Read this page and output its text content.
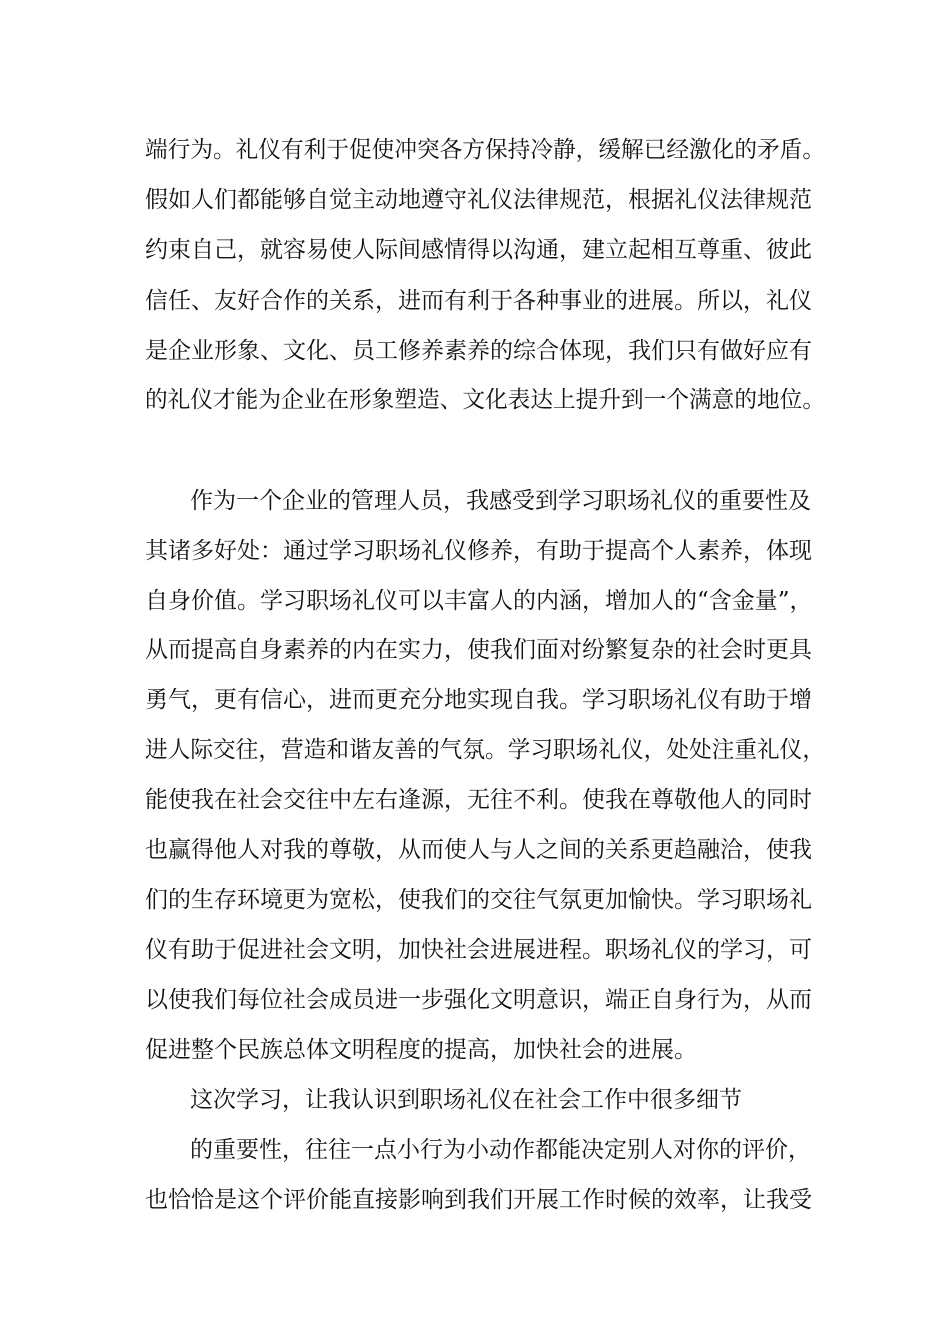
端行为。礼仪有利于促使冲突各方保持冷静，缓解已经激化的矛盾。

假如人们都能够自觉主动地遵守礼仪法律规范，根据礼仪法律规范

约束自己，就容易使人际间感情得以沟通，建立起相互尊重、彼此

信任、友好合作的关系，进而有利于各种事业的进展。所以，礼仪

是企业形象、文化、员工修养素养的综合体现，我们只有做好应有

的礼仪才能为企业在形象塑造、文化表达上提升到一个满意的地位。

作为一个企业的管理人员，我感受到学习职场礼仪的重要性及

其诸多好处：通过学习职场礼仪修养，有助于提高个人素养，体现

自身价值。学习职场礼仪可以丰富人的内涵，增加人的“含金量”，

从而提高自身素养的内在实力，使我们面对纷繁复杂的社会时更具

勇气，更有信心，进而更充分地实现自我。学习职场礼仪有助于增

进人际交往，营造和谐友善的气氛。学习职场礼仪，处处注重礼仪，

能使我在社会交往中左右逢源，无往不利。使我在尊敬他人的同时

也赢得他人对我的尊敬，从而使人与人之间的关系更趋融洽，使我

们的生存环境更为宽松，使我们的交往气氛更加愉快。学习职场礼

仪有助于促进社会文明，加快社会进展进程。职场礼仪的学习，可

以使我们每位社会成员进一步强化文明意识，端正自身行为，从而

促进整个民族总体文明程度的提高，加快社会的进展。

这次学习，让我认识到职场礼仪在社会工作中很多细节

的重要性，往往一点小行为小动作都能决定别人对你的评价，

也恰恰是这个评价能直接影响到我们开展工作时候的效率，让我受
